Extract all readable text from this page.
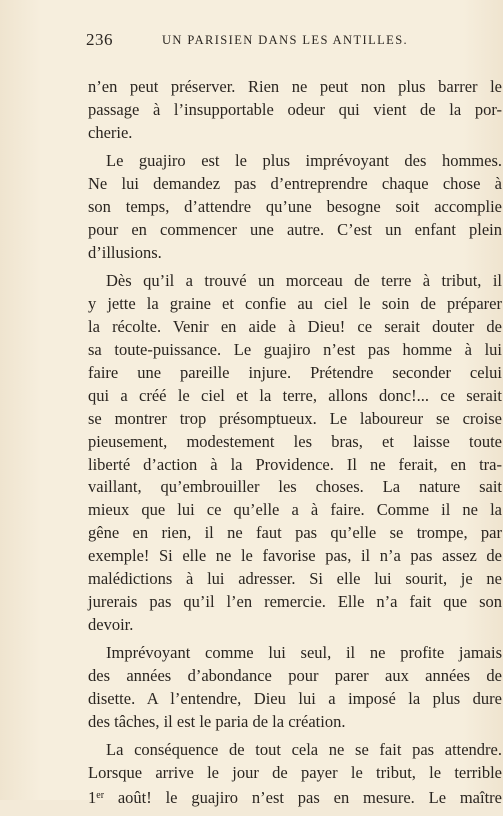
236	UN PARISIEN DANS LES ANTILLES.
n’en peut préserver. Rien ne peut non plus barrer le
passage à l’insupportable odeur qui vient de la por-
cherie.
Le guajiro est le plus imprévoyant des hommes.
Ne lui demandez pas d’entreprendre chaque chose à
son temps, d’attendre qu’une besogne soit accomplie
pour en commencer une autre. C’est un enfant plein
d’illusions.
Dès qu’il a trouvé un morceau de terre à tribut, il
y jette la graine et confie au ciel le soin de préparer
la récolte. Venir en aide à Dieu! ce serait douter de
sa toute-puissance. Le guajiro n’est pas homme à lui
faire une pareille injure. Prétendre seconder celui
qui a créé le ciel et la terre, allons donc!... ce serait
se montrer trop présomptueux. Le laboureur se croise
pieusement, modestement les bras, et laisse toute
liberté d’action à la Providence. Il ne ferait, en tra-
vaillant, qu’embrouiller les choses. La nature sait
mieux que lui ce qu’elle a à faire. Comme il ne la
gêne en rien, il ne faut pas qu’elle se trompe, par
exemple! Si elle ne le favorise pas, il n’a pas assez de
malédictions à lui adresser. Si elle lui sourit, je ne
jurerais pas qu’il l’en remercie. Elle n’a fait que son
devoir.
Imprévoyant comme lui seul, il ne profite jamais
des années d’abondance pour parer aux années de
disette. A l’entendre, Dieu lui a imposé la plus dure
des tâches, il est le paria de la création.
La conséquence de tout cela ne se fait pas attendre.
Lorsque arrive le jour de payer le tribut, le terrible
1er août! le guajiro n’est pas en mesure. Le maître
